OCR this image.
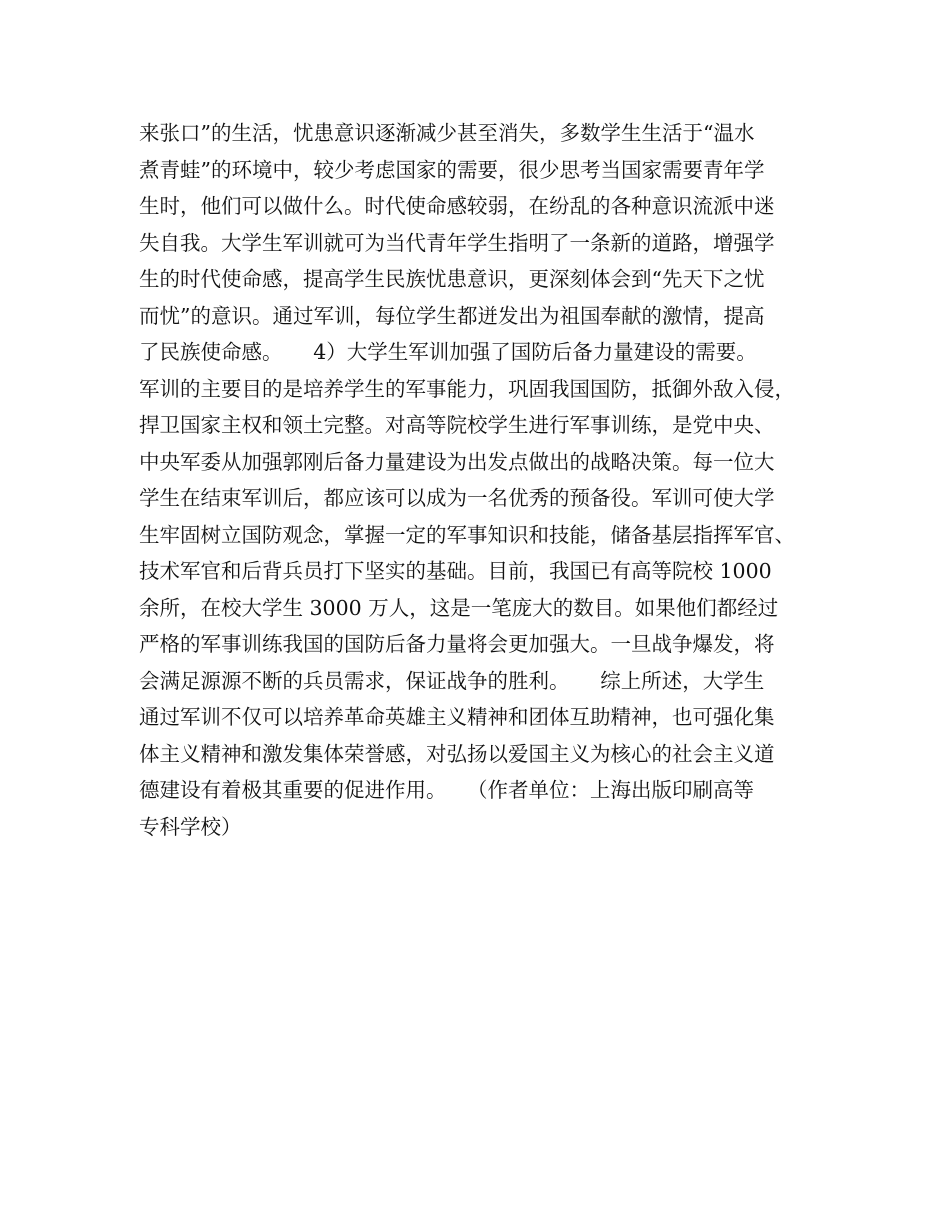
来张口”的生活，忧患意识逐渐减少甚至消失，多数学生生活于“温水
煮青蛙”的环境中，较少考虑国家的需要，很少思考当国家需要青年学
生时，他们可以做什么。时代使命感较弱，在纷乱的各种意识流派中迷
失自我。大学生军训就可为当代青年学生指明了一条新的道路，增强学
生的时代使命感，提高学生民族忧患意识，更深刻体会到“先天下之忧
而忧”的意识。通过军训，每位学生都迸发出为祖国奉献的激情，提高
了民族使命感。　　4）大学生军训加强了国防后备力量建设的需要。
军训的主要目的是培养学生的军事能力，巩固我国国防，抵御外敌入侵，
捍卫国家主权和领土完整。对高等院校学生进行军事训练，是党中央、
中央军委从加强郭刚后备力量建设为出发点做出的战略决策。每一位大
学生在结束军训后，都应该可以成为一名优秀的预备役。军训可使大学
生牢固树立国防观念，掌握一定的军事知识和技能，储备基层指挥军官、
技术军官和后背兵员打下坚实的基础。目前，我国已有高等院校 1000
余所，在校大学生 3000 万人，这是一笔庞大的数目。如果他们都经过
严格的军事训练我国的国防后备力量将会更加强大。一旦战争爆发，将
会满足源源不断的兵员需求，保证战争的胜利。　　综上所述，大学生
通过军训不仅可以培养革命英雄主义精神和团体互助精神，也可强化集
体主义精神和激发集体荣誉感，对弘扬以爱国主义为核心的社会主义道
德建设有着极其重要的促进作用。　　（作者单位：上海出版印刷高等
专科学校）
